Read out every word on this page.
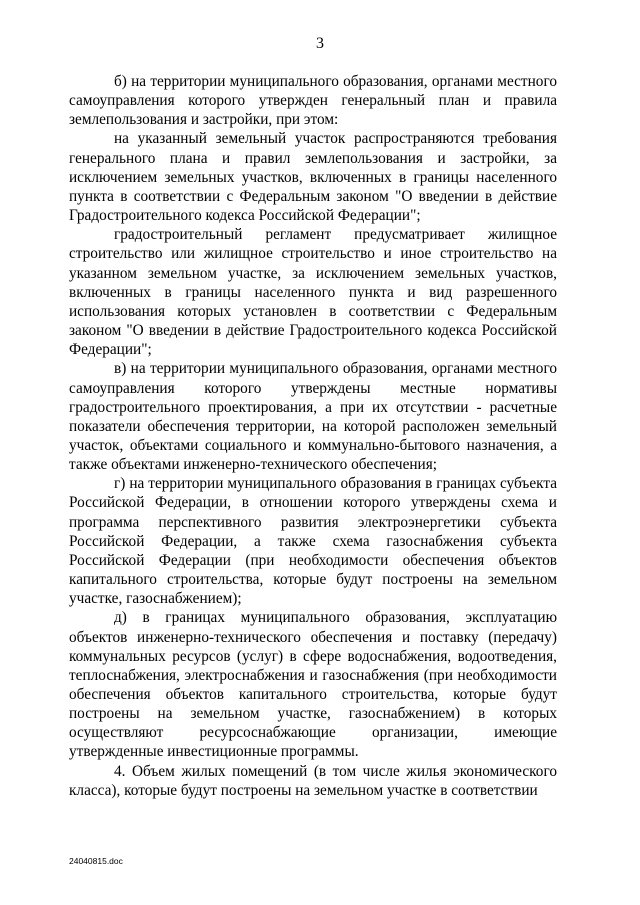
3

б) на территории муниципального образования, органами местного самоуправления которого утвержден генеральный план и правила землепользования и застройки, при этом:

на указанный земельный участок распространяются требования генерального плана и правил землепользования и застройки, за исключением земельных участков, включенных в границы населенного пункта в соответствии с Федеральным законом "О введении в действие Градостроительного кодекса Российской Федерации";

градостроительный регламент предусматривает жилищное строительство или жилищное строительство и иное строительство на указанном земельном участке, за исключением земельных участков, включенных в границы населенного пункта и вид разрешенного использования которых установлен в соответствии с Федеральным законом "О введении в действие Градостроительного кодекса Российской Федерации";

в) на территории муниципального образования, органами местного самоуправления которого утверждены местные нормативы градостроительного проектирования, а при их отсутствии - расчетные показатели обеспечения территории, на которой расположен земельный участок, объектами социального и коммунально-бытового назначения, а также объектами инженерно-технического обеспечения;

г) на территории муниципального образования в границах субъекта Российской Федерации, в отношении которого утверждены схема и программа перспективного развития электроэнергетики субъекта Российской Федерации, а также схема газоснабжения субъекта Российской Федерации (при необходимости обеспечения объектов капитального строительства, которые будут построены на земельном участке, газоснабжением);

д) в границах муниципального образования, эксплуатацию объектов инженерно-технического обеспечения и поставку (передачу) коммунальных ресурсов (услуг) в сфере водоснабжения, водоотведения, теплоснабжения, электроснабжения и газоснабжения (при необходимости обеспечения объектов капитального строительства, которые будут построены на земельном участке, газоснабжением) в которых осуществляют ресурсоснабжающие организации, имеющие утвержденные инвестиционные программы.

4. Объем жилых помещений (в том числе жилья экономического класса), которые будут построены на земельном участке в соответствии

24040815.doc
